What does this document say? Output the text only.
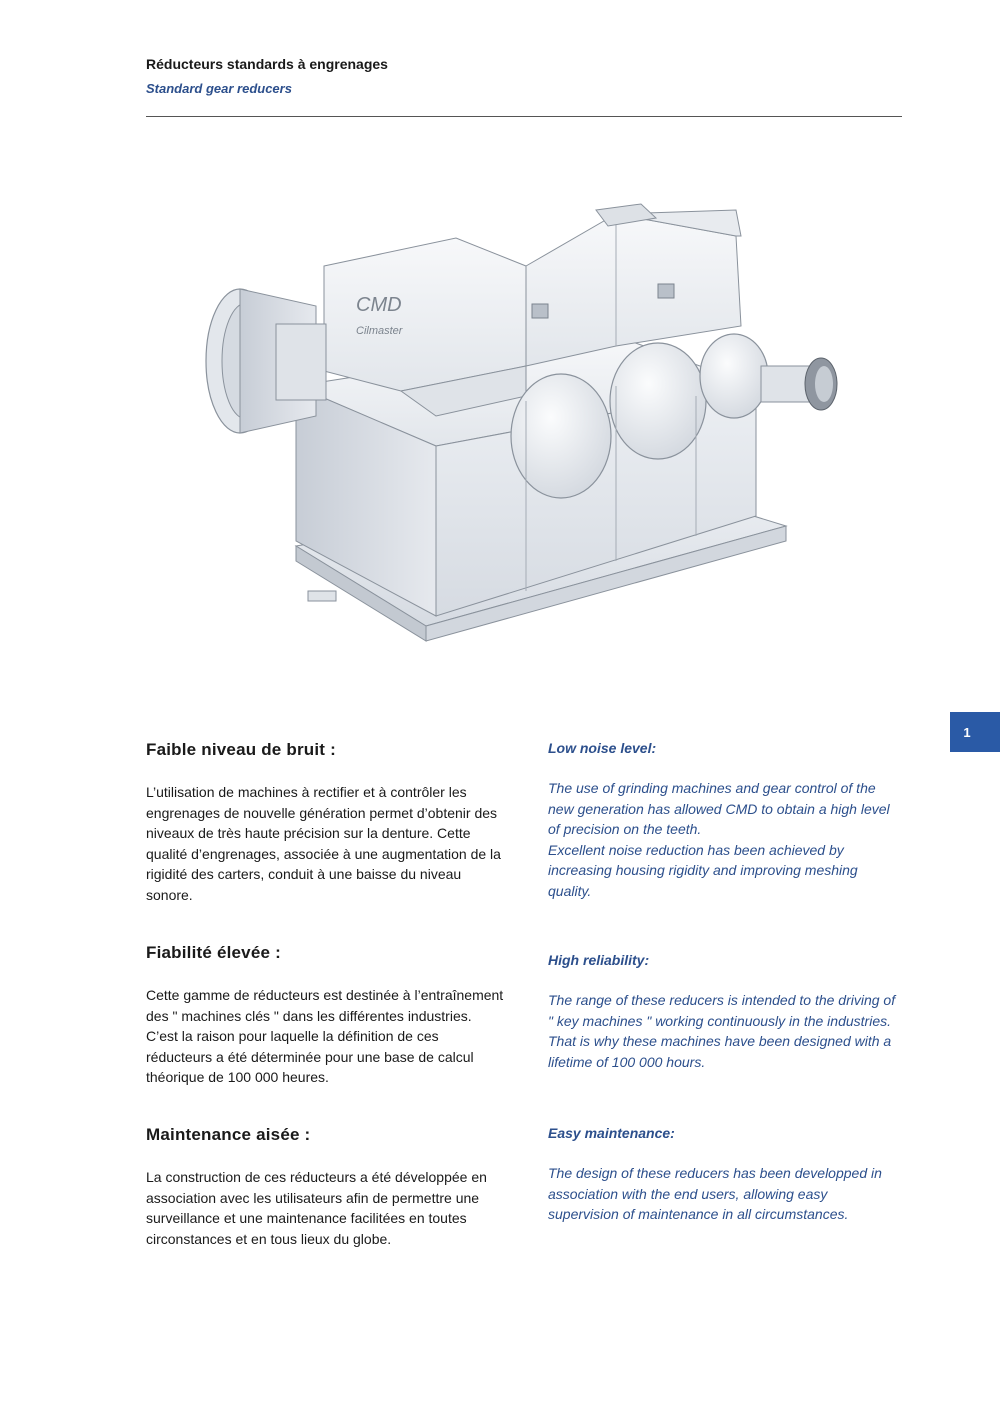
Réducteurs standards à engrenages
Standard gear reducers
CMD
Cilmaster
1
Faible niveau de bruit :

L’utilisation de machines à rectifier et à contrôler les engrenages de nouvelle génération permet d’obtenir des niveaux de très haute précision sur la denture. Cette qualité d’engrenages, associée à une augmentation de la rigidité des carters, conduit à une baisse du niveau sonore.

Low noise level:

The use of grinding machines and gear control of the new generation has allowed CMD to obtain a high level of precision on the teeth.

Excellent noise reduction has been achieved by increasing housing rigidity and improving meshing quality.

Fiabilité élevée :

Cette gamme de réducteurs est destinée à l’entraînement des " machines clés " dans les différentes industries. C’est la raison pour laquelle la définition de ces réducteurs a été déterminée pour une base de calcul théorique de 100 000 heures.

High reliability:

The range of these reducers is intended to the driving of " key machines " working continuously in the industries. That is why these machines have been designed with a lifetime of 100 000 hours.

Maintenance aisée :

La construction de ces réducteurs a été développée en association avec les utilisateurs afin de permettre une surveillance et une maintenance facilitées en toutes circonstances et en tous lieux du globe.

Easy maintenance:

The design of these reducers has been developped in association with the end users, allowing easy supervision of maintenance in all circumstances.
